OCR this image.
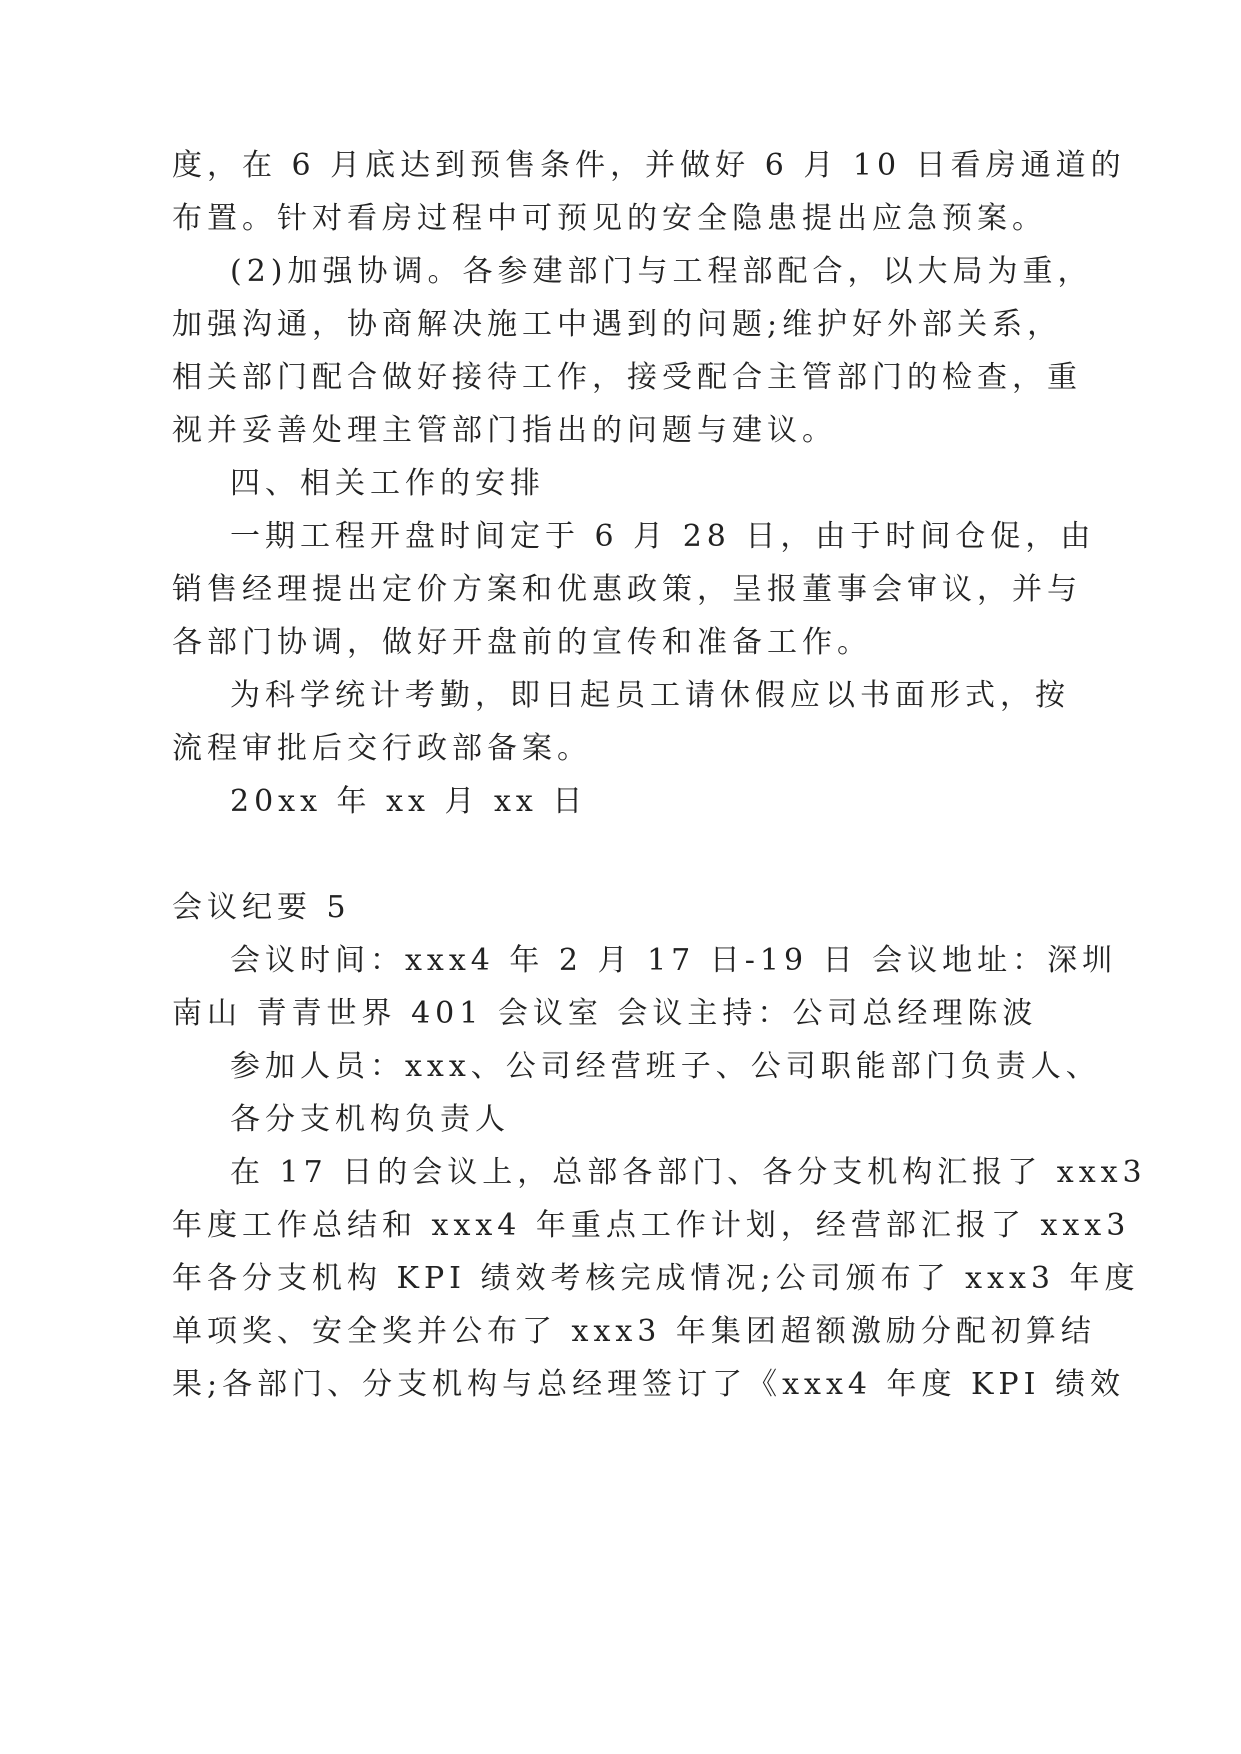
度，在 6 月底达到预售条件，并做好 6 月 10 日看房通道的
布置。针对看房过程中可预见的安全隐患提出应急预案。
(2)加强协调。各参建部门与工程部配合，以大局为重，
加强沟通，协商解决施工中遇到的问题;维护好外部关系，
相关部门配合做好接待工作，接受配合主管部门的检查，重
视并妥善处理主管部门指出的问题与建议。
四、相关工作的安排
一期工程开盘时间定于 6 月 28 日，由于时间仓促，由
销售经理提出定价方案和优惠政策，呈报董事会审议，并与
各部门协调，做好开盘前的宣传和准备工作。
为科学统计考勤，即日起员工请休假应以书面形式，按
流程审批后交行政部备案。
20xx 年 xx 月 xx 日
会议纪要 5
会议时间：xxx4 年 2 月 17 日-19 日 会议地址：深圳
南山 青青世界 401 会议室 会议主持：公司总经理陈波
参加人员：xxx、公司经营班子、公司职能部门负责人、
各分支机构负责人
在 17 日的会议上，总部各部门、各分支机构汇报了 xxx3
年度工作总结和 xxx4 年重点工作计划，经营部汇报了 xxx3
年各分支机构 KPI 绩效考核完成情况;公司颁布了 xxx3 年度
单项奖、安全奖并公布了 xxx3 年集团超额激励分配初算结
果;各部门、分支机构与总经理签订了《xxx4 年度 KPI 绩效
